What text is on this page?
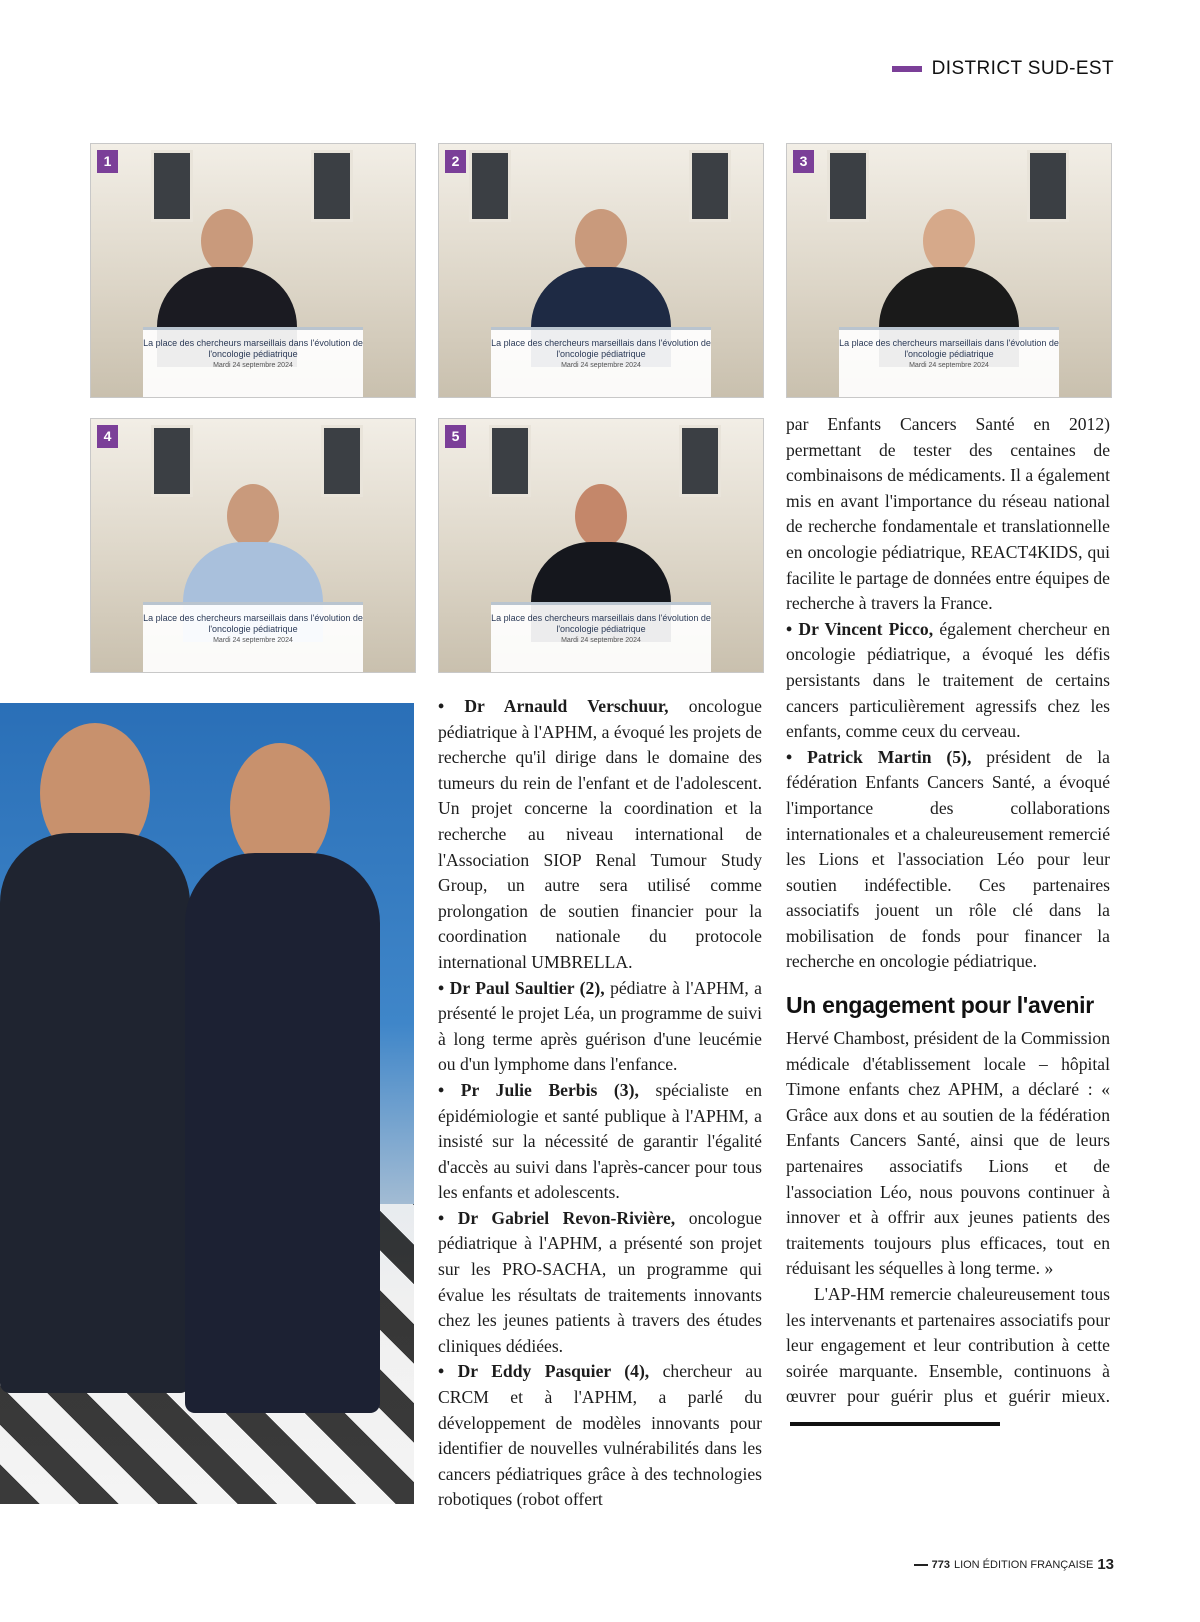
DISTRICT SUD-EST
La place des chercheurs marseillais dans l'évolution de l'oncologie pédiatrique
Mardi 24 septembre 2024
1
La place des chercheurs marseillais dans l'évolution de l'oncologie pédiatrique
Mardi 24 septembre 2024
2
La place des chercheurs marseillais dans l'évolution de l'oncologie pédiatrique
Mardi 24 septembre 2024
3
La place des chercheurs marseillais dans l'évolution de l'oncologie pédiatrique
Mardi 24 septembre 2024
4
La place des chercheurs marseillais dans l'évolution de l'oncologie pédiatrique
Mardi 24 septembre 2024
5

• Dr Arnauld Verschuur, oncologue pédiatrique à l'APHM, a évoqué les projets de recherche qu'il dirige dans le domaine des tumeurs du rein de l'enfant et de l'adolescent. Un projet concerne la coordination et la recherche au niveau international de l'Association SIOP Renal Tumour Study Group, un autre sera utilisé comme prolongation de soutien financier pour la coordination nationale du protocole international UMBRELLA.

• Dr Paul Saultier (2), pédiatre à l'APHM, a présenté le projet Léa, un programme de suivi à long terme après guérison d'une leucémie ou d'un lymphome dans l'enfance.

• Pr Julie Berbis (3), spécialiste en épidémiologie et santé publique à l'APHM, a insisté sur la nécessité de garantir l'égalité d'accès au suivi dans l'après-cancer pour tous les enfants et adolescents.

• Dr Gabriel Revon-Rivière, oncologue pédiatrique à l'APHM, a présenté son projet sur les PRO-SACHA, un programme qui évalue les résultats de traitements innovants chez les jeunes patients à travers des études cliniques dédiées.

• Dr Eddy Pasquier (4), chercheur au CRCM et à l'APHM, a parlé du développement de modèles innovants pour identifier de nouvelles vulnérabilités dans les cancers pédiatriques grâce à des technologies robotiques (robot offert

par Enfants Cancers Santé en 2012) permettant de tester des centaines de combinaisons de médicaments. Il a également mis en avant l'importance du réseau national de recherche fondamentale et translationnelle en oncologie pédiatrique, REACT4KIDS, qui facilite le partage de données entre équipes de recherche à travers la France.

• Dr Vincent Picco, également chercheur en oncologie pédiatrique, a évoqué les défis persistants dans le traitement de certains cancers particulièrement agressifs chez les enfants, comme ceux du cerveau.

• Patrick Martin (5), président de la fédération Enfants Cancers Santé, a évoqué l'importance des collaborations internationales et a chaleureusement remercié les Lions et l'association Léo pour leur soutien indéfectible. Ces partenaires associatifs jouent un rôle clé dans la mobilisation de fonds pour financer la recherche en oncologie pédiatrique.

Un engagement pour l'avenir

Hervé Chambost, président de la Commission médicale d'établissement locale – hôpital Timone enfants chez APHM, a déclaré : « Grâce aux dons et au soutien de la fédération Enfants Cancers Santé, ainsi que de leurs partenaires associatifs Lions et de l'association Léo, nous pouvons continuer à innover et à offrir aux jeunes patients des traitements toujours plus efficaces, tout en réduisant les séquelles à long terme. »

L'AP-HM remercie chaleureusement tous les intervenants et partenaires associatifs pour leur engagement et leur contribution à cette soirée marquante. Ensemble, continuons à œuvrer pour guérir plus et guérir mieux.

773 LION ÉDITION FRANÇAISE 13
